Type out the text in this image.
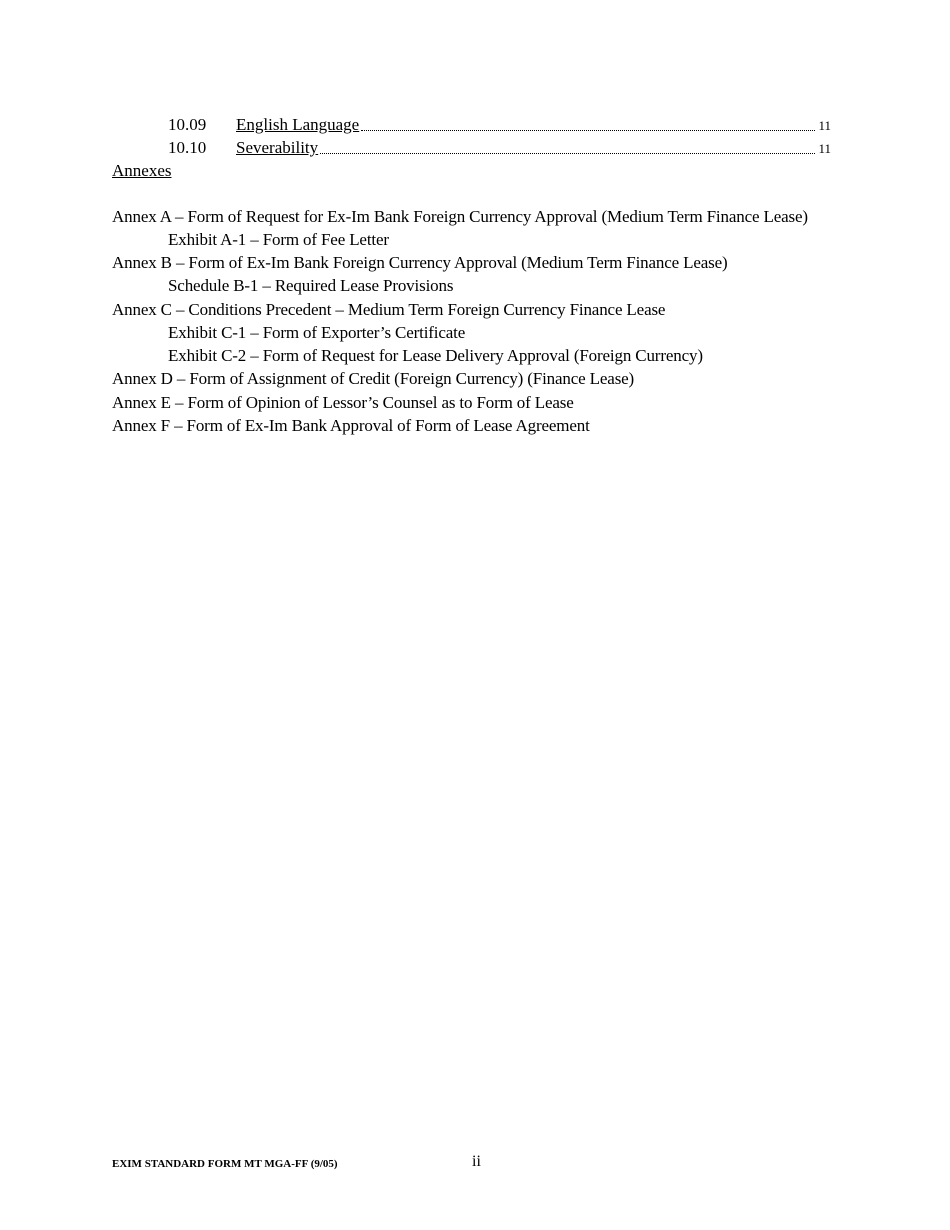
10.09	English Language	11
10.10	Severability	11
Annexes
Annex A – Form of Request for Ex-Im Bank Foreign Currency Approval (Medium Term Finance Lease)
Exhibit A-1 – Form of Fee Letter
Annex B – Form of Ex-Im Bank Foreign Currency Approval (Medium Term Finance Lease)
Schedule B-1 – Required Lease Provisions
Annex C – Conditions Precedent – Medium Term Foreign Currency Finance Lease
Exhibit C-1 – Form of Exporter’s Certificate
Exhibit C-2 – Form of Request for Lease Delivery Approval (Foreign Currency)
Annex D – Form of Assignment of Credit (Foreign Currency) (Finance Lease)
Annex E – Form of Opinion of Lessor’s Counsel as to Form of Lease
Annex F – Form of Ex-Im Bank Approval of Form of Lease Agreement
EXIM STANDARD FORM MT MGA-FF (9/05)	ii
